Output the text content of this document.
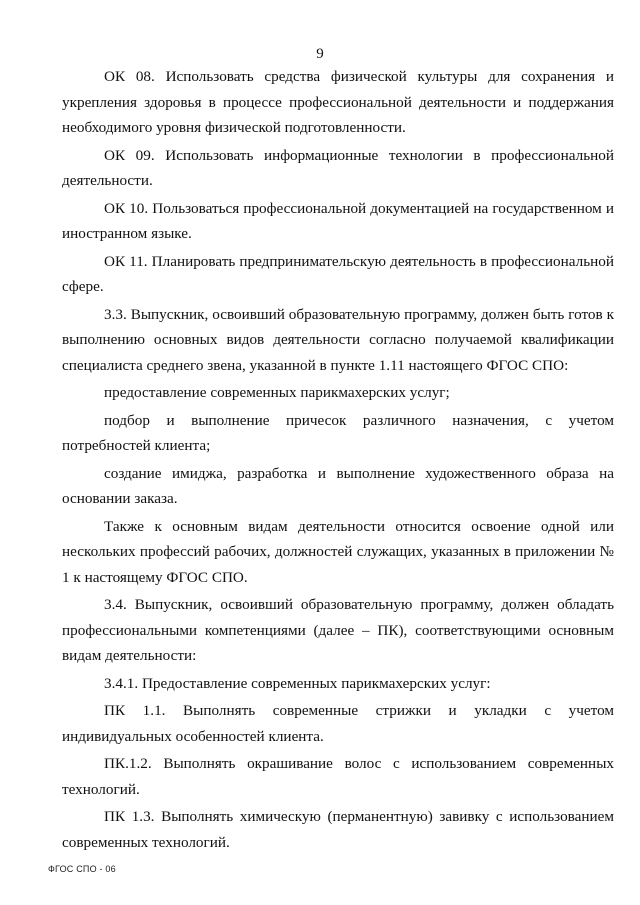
9

ОК 08. Использовать средства физической культуры для сохранения и укрепления здоровья в процессе профессиональной деятельности и поддержания необходимого уровня физической подготовленности.

ОК 09. Использовать информационные технологии в профессиональной деятельности.

ОК 10. Пользоваться профессиональной документацией на государственном и иностранном языке.

ОК 11. Планировать предпринимательскую деятельность в профессиональной сфере.

3.3. Выпускник, освоивший образовательную программу, должен быть готов к выполнению основных видов деятельности согласно получаемой квалификации специалиста среднего звена, указанной в пункте 1.11 настоящего ФГОС СПО:

предоставление современных парикмахерских услуг;

подбор и выполнение причесок различного назначения, с учетом потребностей клиента;

создание имиджа, разработка и выполнение художественного образа на основании заказа.

Также к основным видам деятельности относится освоение одной или нескольких профессий рабочих, должностей служащих, указанных в приложении № 1 к настоящему ФГОС СПО.

3.4. Выпускник, освоивший образовательную программу, должен обладать профессиональными компетенциями (далее – ПК), соответствующими основным видам деятельности:

3.4.1. Предоставление современных парикмахерских услуг:

ПК 1.1. Выполнять современные стрижки и укладки с учетом индивидуальных особенностей клиента.

ПК.1.2. Выполнять окрашивание волос с использованием современных технологий.

ПК 1.3. Выполнять химическую (перманентную) завивку с использованием современных технологий.

ФГОС СПО - 06
